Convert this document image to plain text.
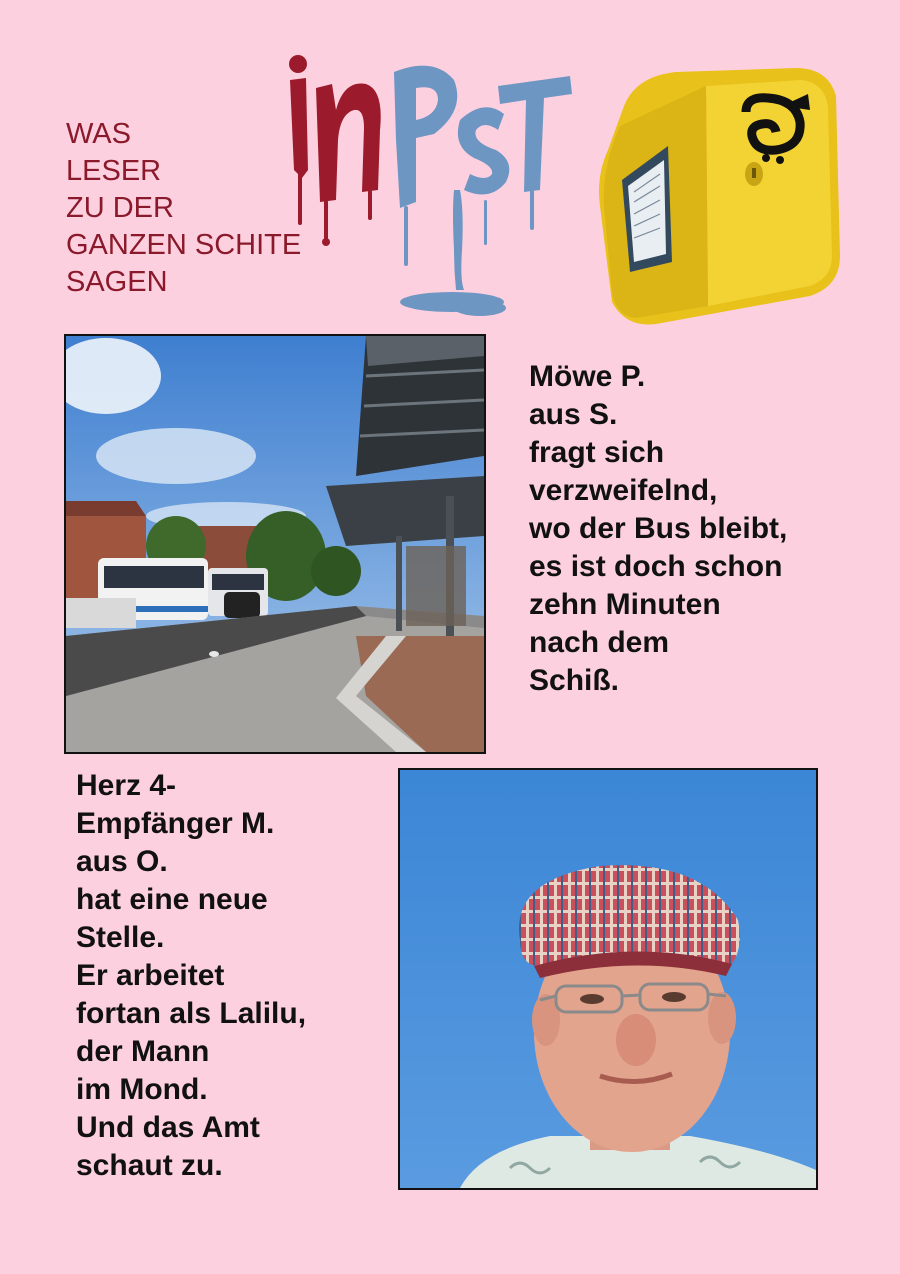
WAS
LESER
ZU DER
GANZEN SCHITE
SAGEN
Möwe P.
aus S.
fragt sich
verzweifelnd,
wo der Bus bleibt,
es ist doch schon
zehn Minuten
nach dem
Schiß.
Herz 4-
Empfänger M.
aus O.
hat eine neue
Stelle.
Er arbeitet
fortan als Lalilu,
der Mann
im Mond.
Und das Amt
schaut zu.
